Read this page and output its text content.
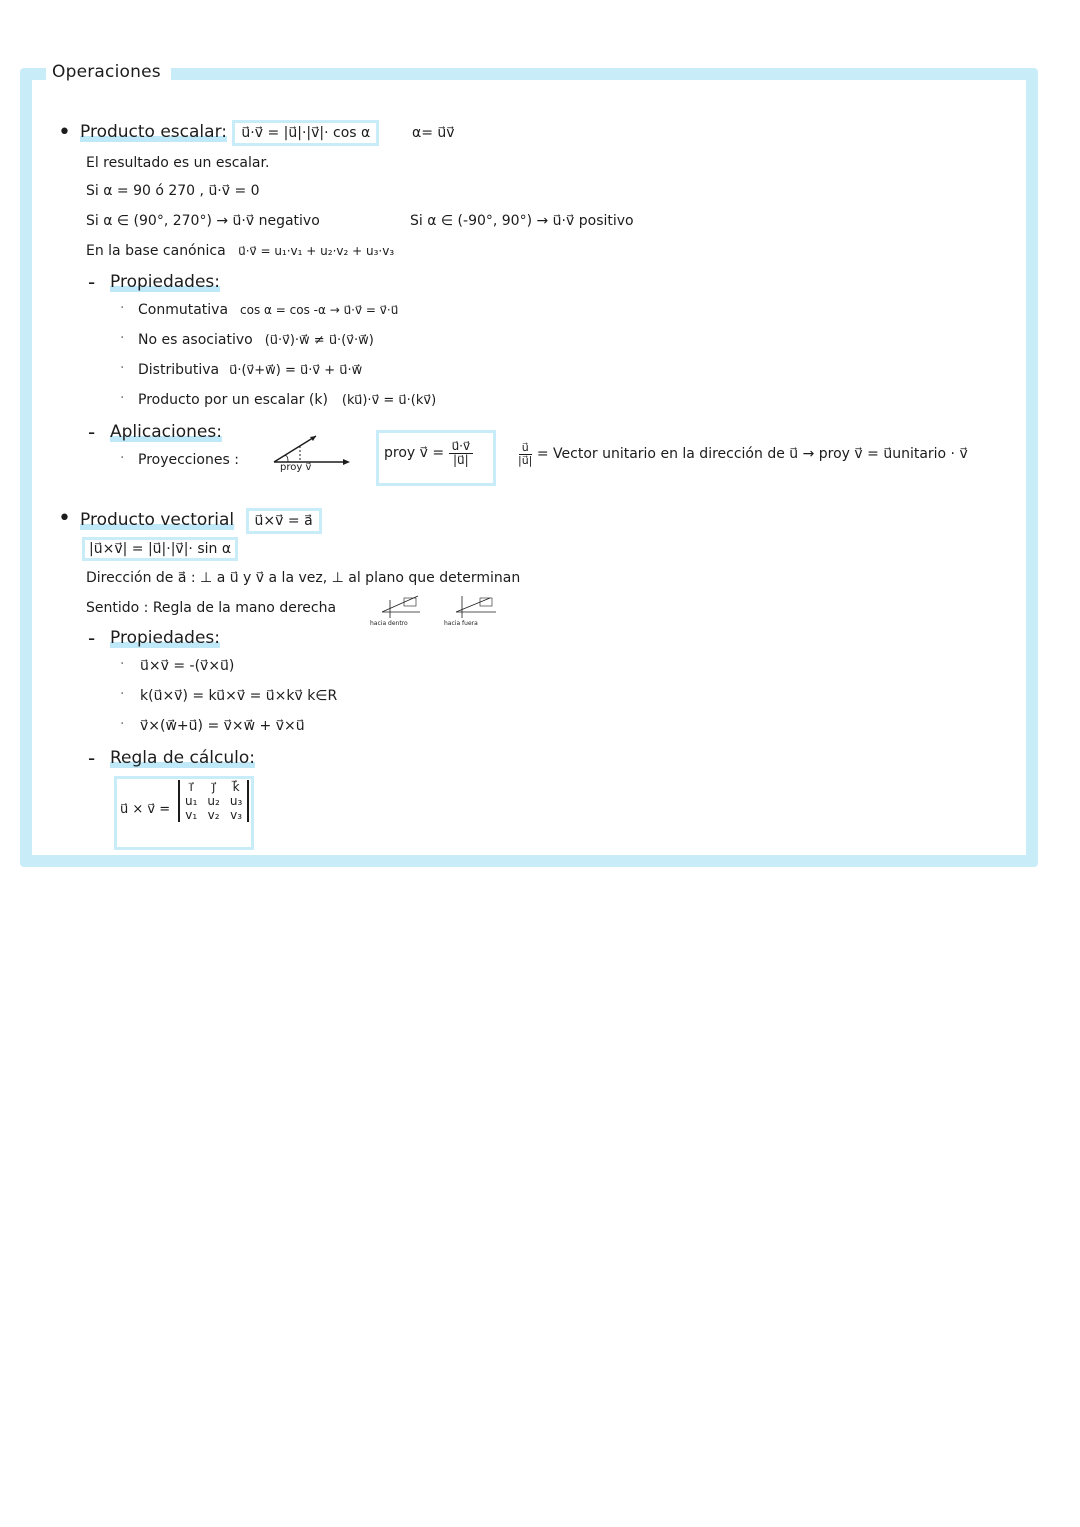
Operaciones
• Producto escalar: u⃗·v⃗ = |u⃗|·|v⃗|· cos α	α= u⃗v⃗
El resultado es un escalar.
Si α = 90 ó 270 , u⃗·v⃗ = 0
Si α ∈ (90°, 270°) → u⃗·v⃗ negativo	Si α ∈ (-90°, 90°) → u⃗·v⃗ positivo
En la base canónica u⃗·v⃗ = u₁·v₁ + u₂·v₂ + u₃·v₃
- Propiedades:
· Conmutativa cos α = cos -α → u⃗·v⃗ = v⃗·u⃗
· No es asociativo (u⃗·v⃗)·w⃗ ≠ u⃗·(v⃗·w⃗)
· Distributiva u⃗·(v⃗+w⃗) = u⃗·v⃗ + u⃗·w⃗
· Producto por un escalar (k) (ku⃗)·v⃗ = u⃗·(kv⃗)
- Aplicaciones:
· Proyecciones :	proy v⃗
proy v⃗ = $\frac{u⃗\cdot v⃗}{|u⃗|}$	$\frac{u⃗}{|u⃗|}$ = Vector unitario en la dirección de u⃗ → proy v⃗ = u⃗unitario · v⃗
• Producto vectorial u⃗×v⃗ = a⃗
|u⃗×v⃗| = |u⃗|·|v⃗|· sin α
Dirección de a⃗ : ⊥ a u⃗ y v⃗ a la vez, ⊥ al plano que determinan
Sentido : Regla de la mano derecha
hacia dentro	hacia fuera
- Propiedades:
· u⃗×v⃗ = -(v⃗×u⃗)
· k(u⃗×v⃗) = ku⃗×v⃗ = u⃗×kv⃗ k∈R
· v⃗×(w⃗+u⃗) = v⃗×w⃗ + v⃗×u⃗
- Regla de cálculo:
u⃗ × v⃗ =
i⃗	j⃗	k⃗
u₁	u₂	u₃
v₁	v₂	v₃
